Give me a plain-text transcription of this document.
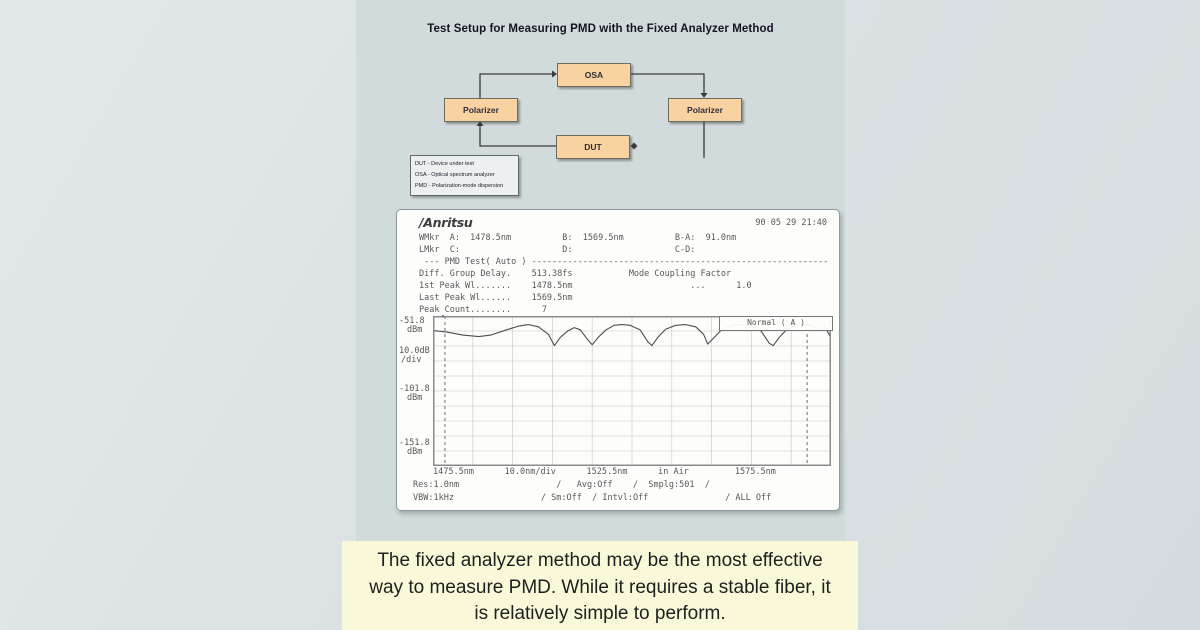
Test Setup for Measuring PMD with the Fixed Analyzer Method
OSA
Polarizer	Polarizer
DUT
DUT - Device under test
OSA - Optical spectrum analyzer
PMD - Polarization-mode dispersion
/Anritsu	90 05 29 21:40
WMkr  A:  1478.5nm          B:  1569.5nm          B-A:  91.0nm
LMkr  C:                    D:                    C-D:
--- PMD Test( Auto ) ----------------------------------------------------------
Diff. Group Delay.    513.38fs           Mode Coupling Factor
1st Peak Wl.......    1478.5nm                       ...      1.0
Last Peak Wl......    1569.5nm
Peak Count........      7
-51.8
dBm
10.0dB
/div
-101.8
dBm
-151.8
dBm
Normal ( A )
▾
1475.5nm      10.0nm/div      1525.5nm      in Air         1575.5nm
Res:1.0nm                   /   Avg:Off    /  Smplg:501  /
VBW:1kHz                 / Sm:Off  / Intvl:Off               / ALL Off
The fixed analyzer method may be the most effective
way to measure PMD. While it requires a stable fiber, it
is relatively simple to perform.
